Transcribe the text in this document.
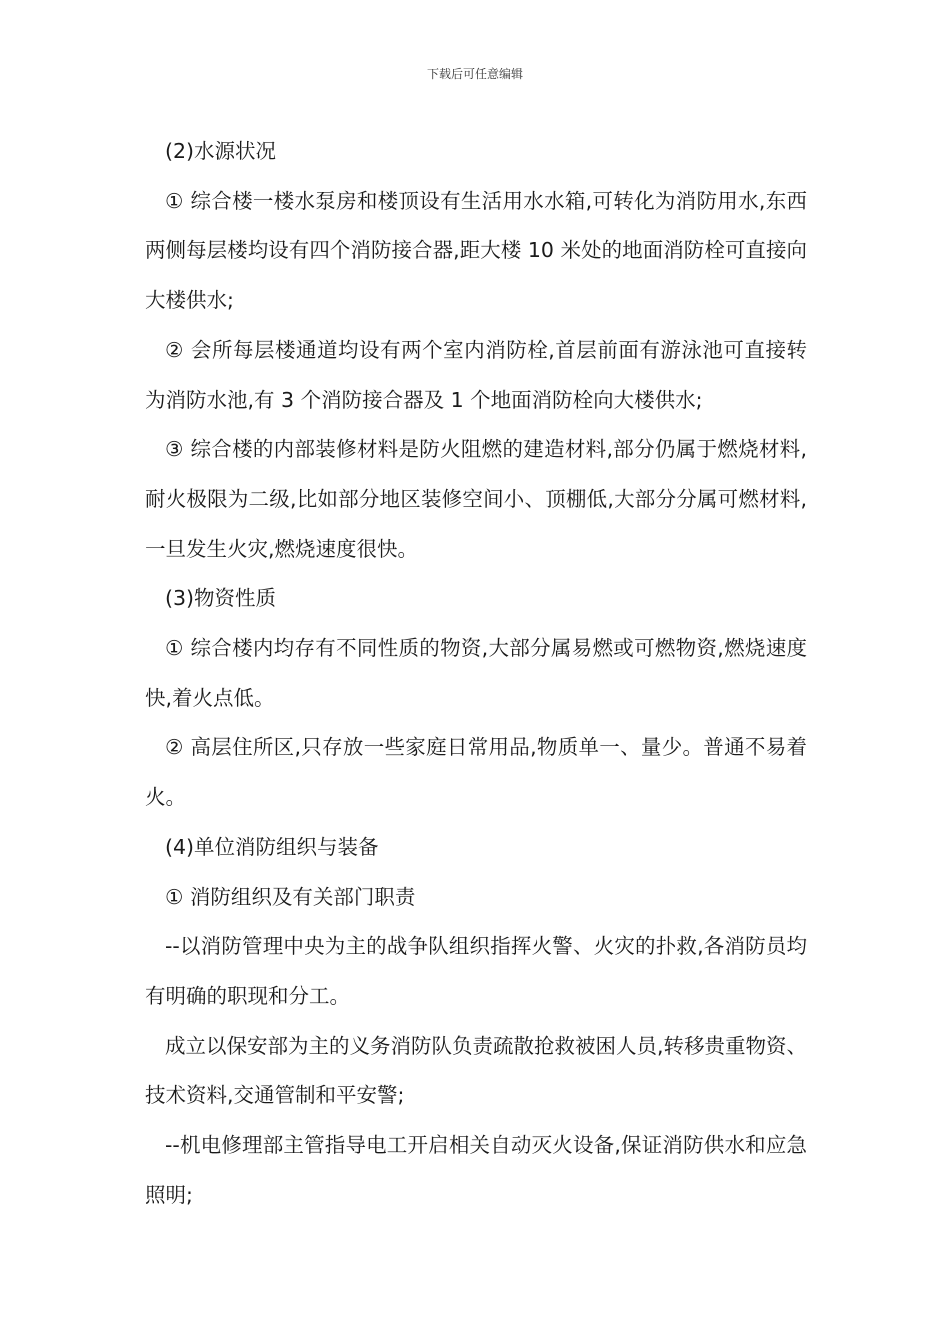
下载后可任意编辑

(2)水源状况

① 综合楼一楼水泵房和楼顶设有生活用水水箱,可转化为消防用水,东西两侧每层楼均设有四个消防接合器,距大楼 10 米处的地面消防栓可直接向大楼供水;

② 会所每层楼通道均设有两个室内消防栓,首层前面有游泳池可直接转为消防水池,有 3 个消防接合器及 1 个地面消防栓向大楼供水;

③ 综合楼的内部装修材料是防火阻燃的建造材料,部分仍属于燃烧材料,耐火极限为二级,比如部分地区装修空间小、顶棚低,大部分分属可燃材料,一旦发生火灾,燃烧速度很快。

(3)物资性质

① 综合楼内均存有不同性质的物资,大部分属易燃或可燃物资,燃烧速度快,着火点低。

② 高层住所区,只存放一些家庭日常用品,物质单一、量少。普通不易着火。

(4)单位消防组织与装备

① 消防组织及有关部门职责

--以消防管理中央为主的战争队组织指挥火警、火灾的扑救,各消防员均有明确的职现和分工。

成立以保安部为主的义务消防队负责疏散抢救被困人员,转移贵重物资、技术资料,交通管制和平安警;

--机电修理部主管指导电工开启相关自动灭火设备,保证消防供水和应急照明;
